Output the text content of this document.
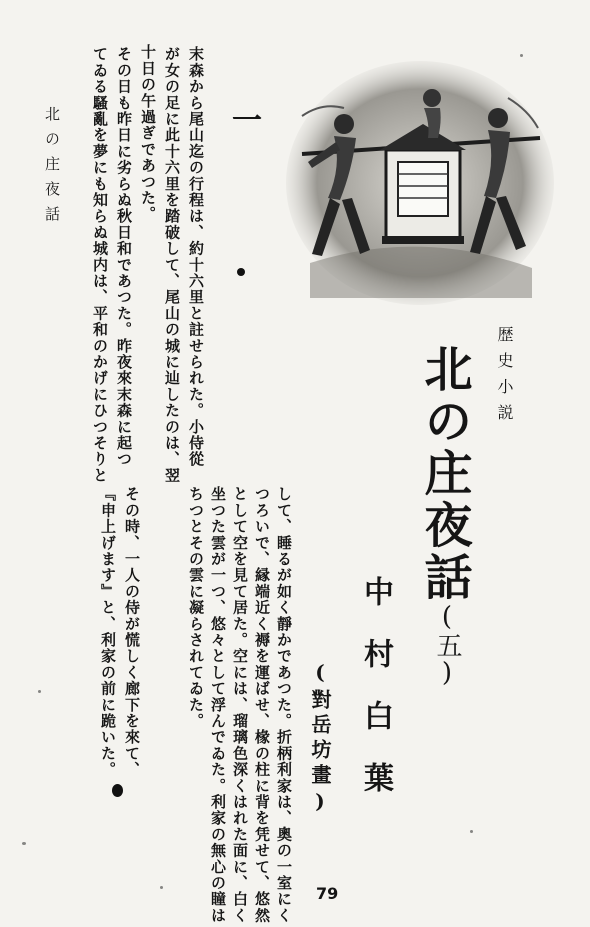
北の庄夜話	末森から尾山迄の行程は、約十六里と註せられた。小侍從
が女の足に此十六里を踏破して、尾山の城に辿したのは、翌
十日の午過ぎであつた。
その日も昨日に劣らぬ秋日和であつた。昨夜來末森に起つ
てゐる騷亂を夢にも知らぬ城内は、平和のかげにひつそりと	一
歴史小説
北の庄夜話
(五)
中村白葉
(對岳坊畫)
して、睡るが如く靜かであつた。折柄利家は、奧の一室にく
つろいで、縁端近く褥を運ばせ、椽の柱に背を凭せて、悠然
として空を見て居た。空には、瑠璃色深くはれた面に、白く
坐つた雲が一つ、悠々として浮んでゐた。利家の無心の瞳は
ちつとその雲に凝らされてゐた。
その時、一人の侍が慌しく廊下を來て、
『申上げます』と、利家の前に跪いた。
79
